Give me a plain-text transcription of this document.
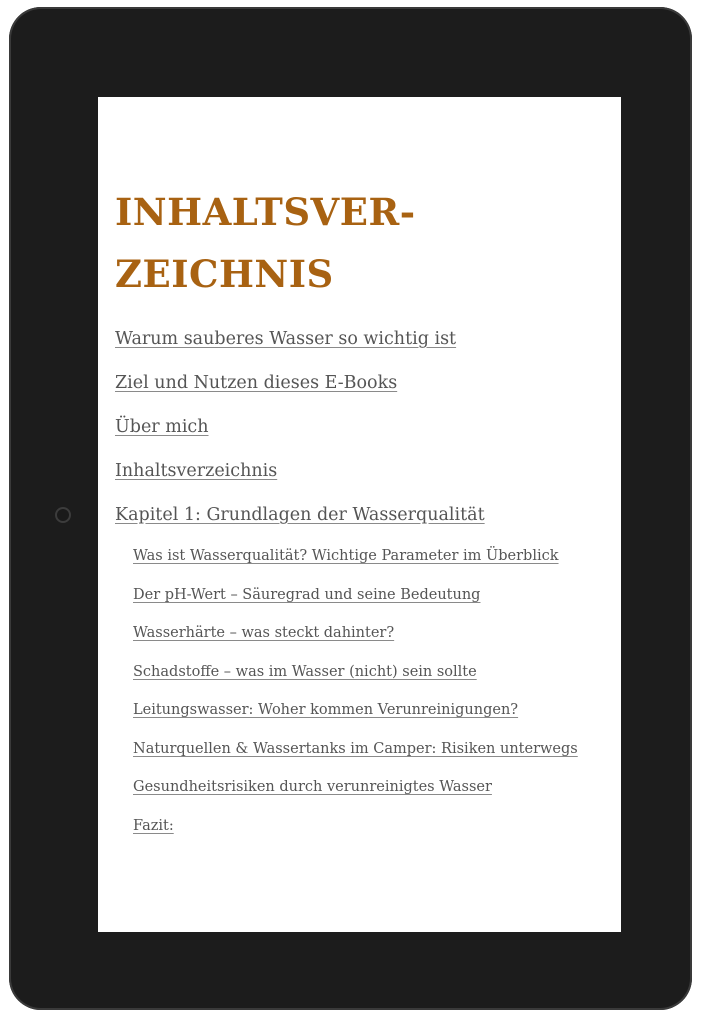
INHALTSVER-
ZEICHNIS
Warum sauberes Wasser so wichtig ist
Ziel und Nutzen dieses E-Books
Über mich
Inhaltsverzeichnis
Kapitel 1: Grundlagen der Wasserqualität
Was ist Wasserqualität? Wichtige Parameter im Überblick
Der pH-Wert – Säuregrad und seine Bedeutung
Wasserhärte – was steckt dahinter?
Schadstoffe – was im Wasser (nicht) sein sollte
Leitungswasser: Woher kommen Verunreinigungen?
Naturquellen & Wassertanks im Camper: Risiken unterwegs
Gesundheitsrisiken durch verunreinigtes Wasser
Fazit:
